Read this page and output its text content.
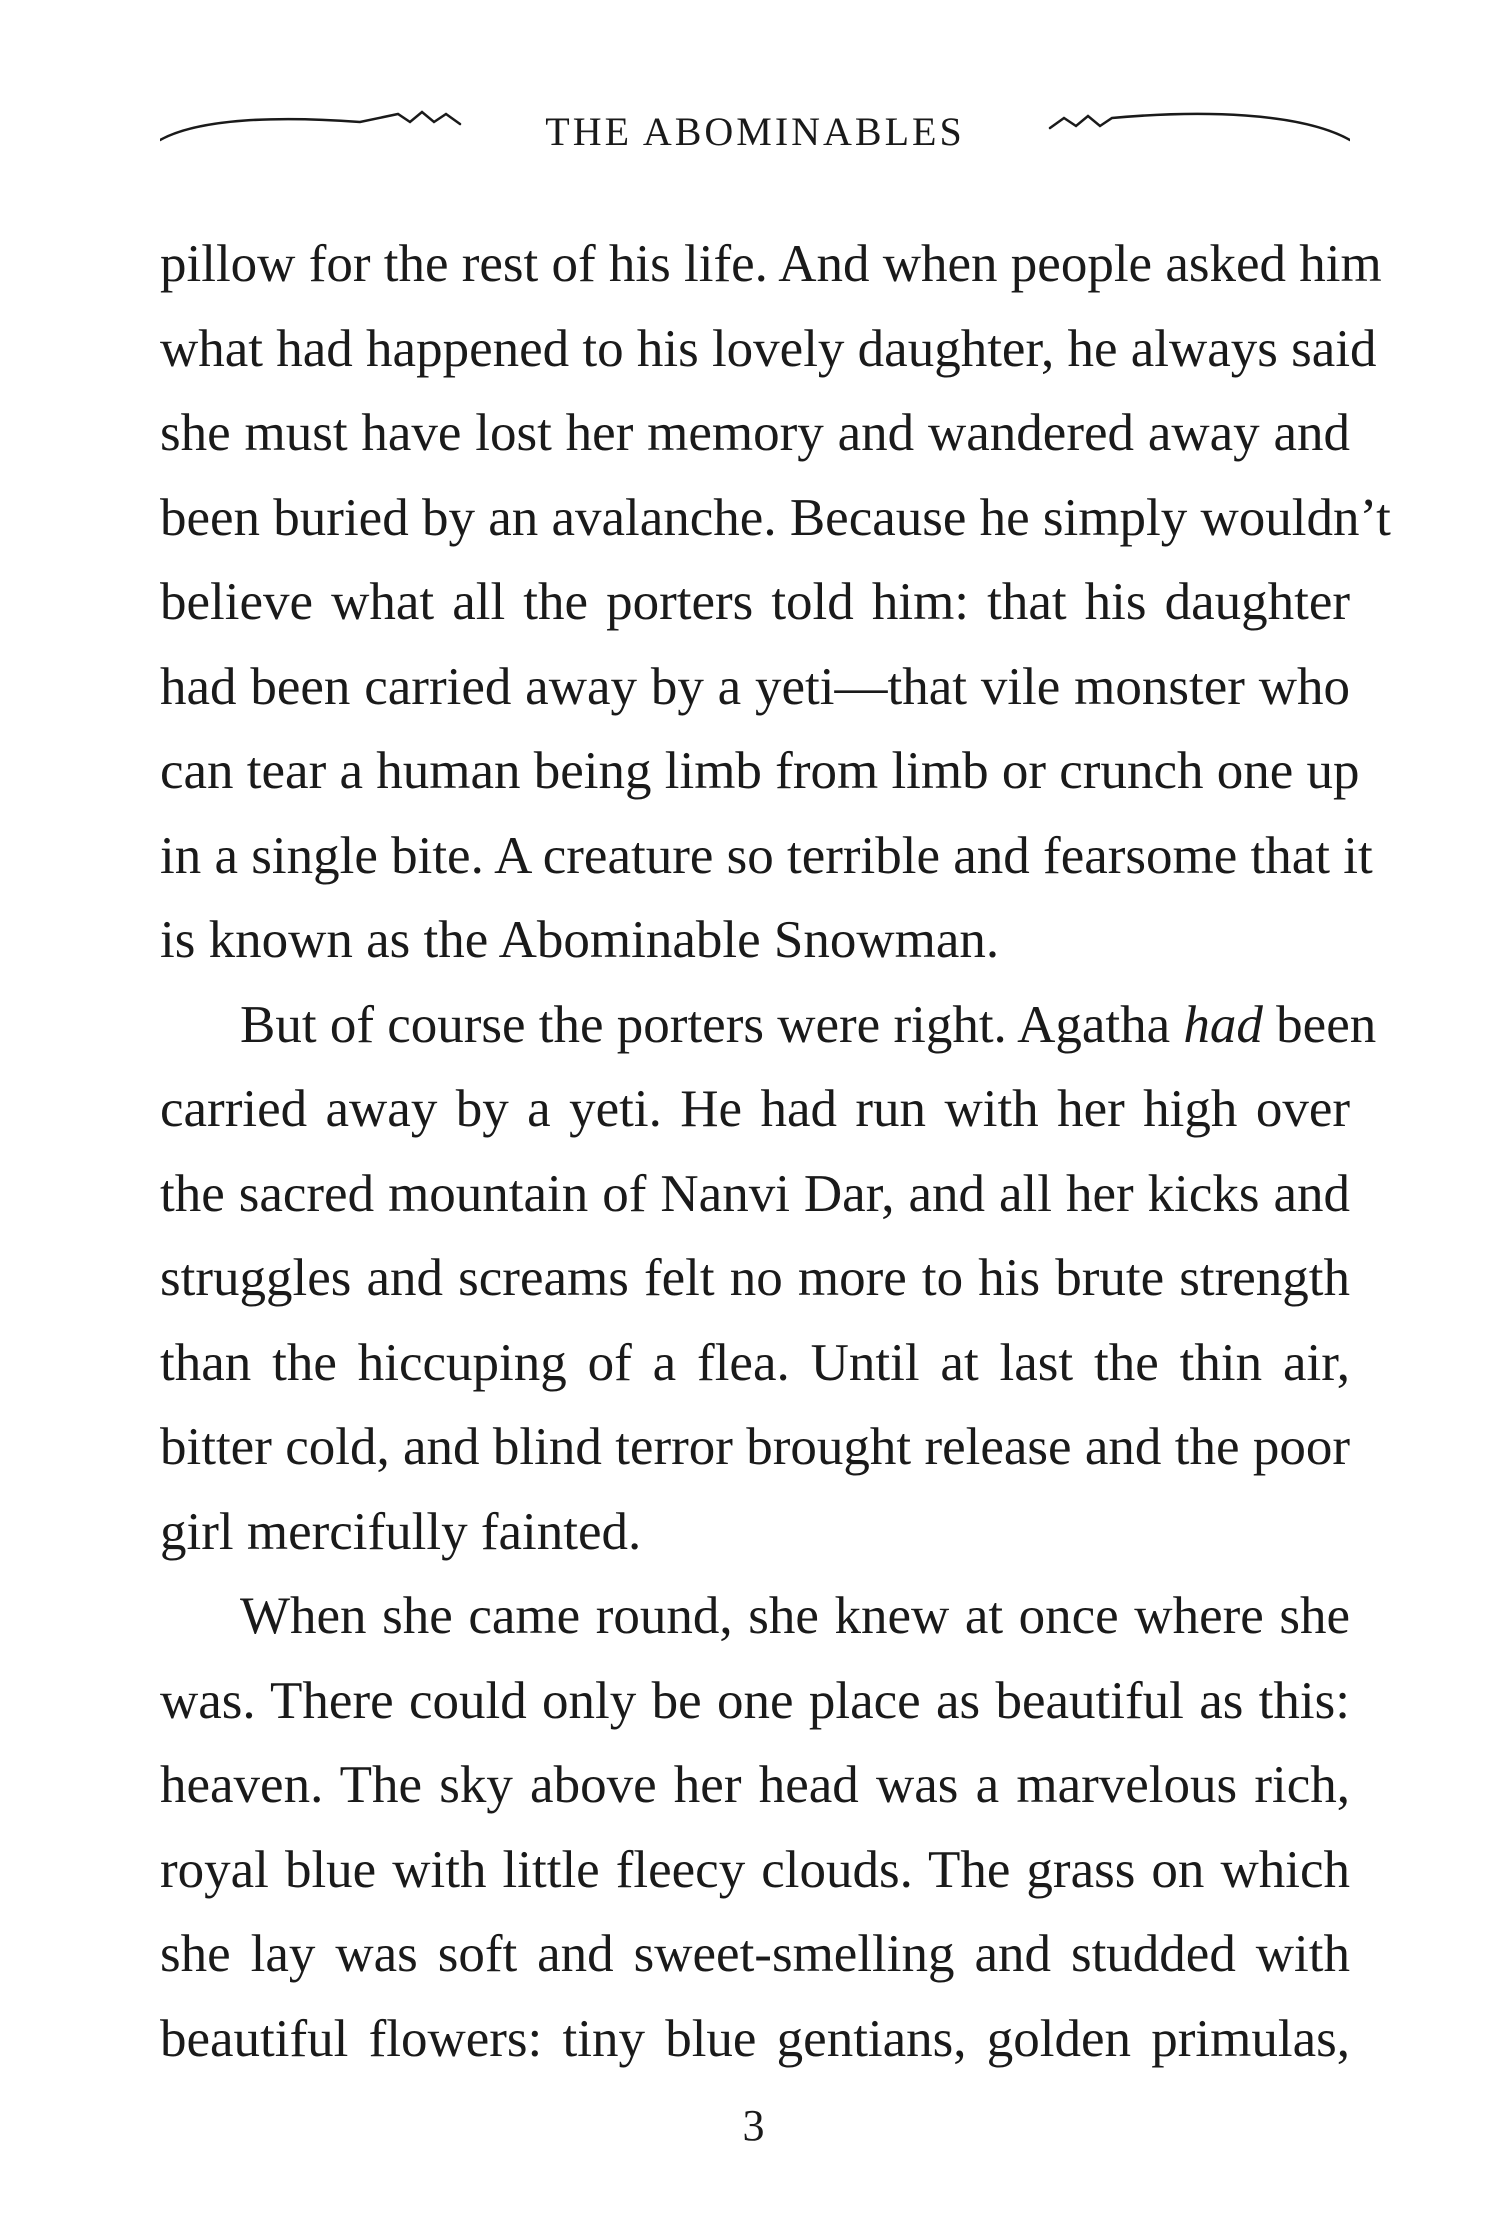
THE ABOMINABLES
pillow for the rest of his life. And when people asked him
what had happened to his lovely daughter, he always said
she must have lost her memory and wandered away and
been buried by an avalanche. Because he simply wouldn’t
believe what all the porters told him: that his daughter
had been carried away by a yeti—that vile monster who
can tear a human being limb from limb or crunch one up
in a single bite. A creature so terrible and fearsome that it
is known as the Abominable Snowman.
But of course the porters were right. Agatha had been
carried away by a yeti. He had run with her high over
the sacred mountain of Nanvi Dar, and all her kicks and
struggles and screams felt no more to his brute strength
than the hiccuping of a flea. Until at last the thin air,
bitter cold, and blind terror brought release and the poor
girl mercifully fainted.
When she came round, she knew at once where she
was. There could only be one place as beautiful as this:
heaven. The sky above her head was a marvelous rich,
royal blue with little fleecy clouds. The grass on which
she lay was soft and sweet-smelling and studded with
beautiful flowers: tiny blue gentians, golden primulas,
3
